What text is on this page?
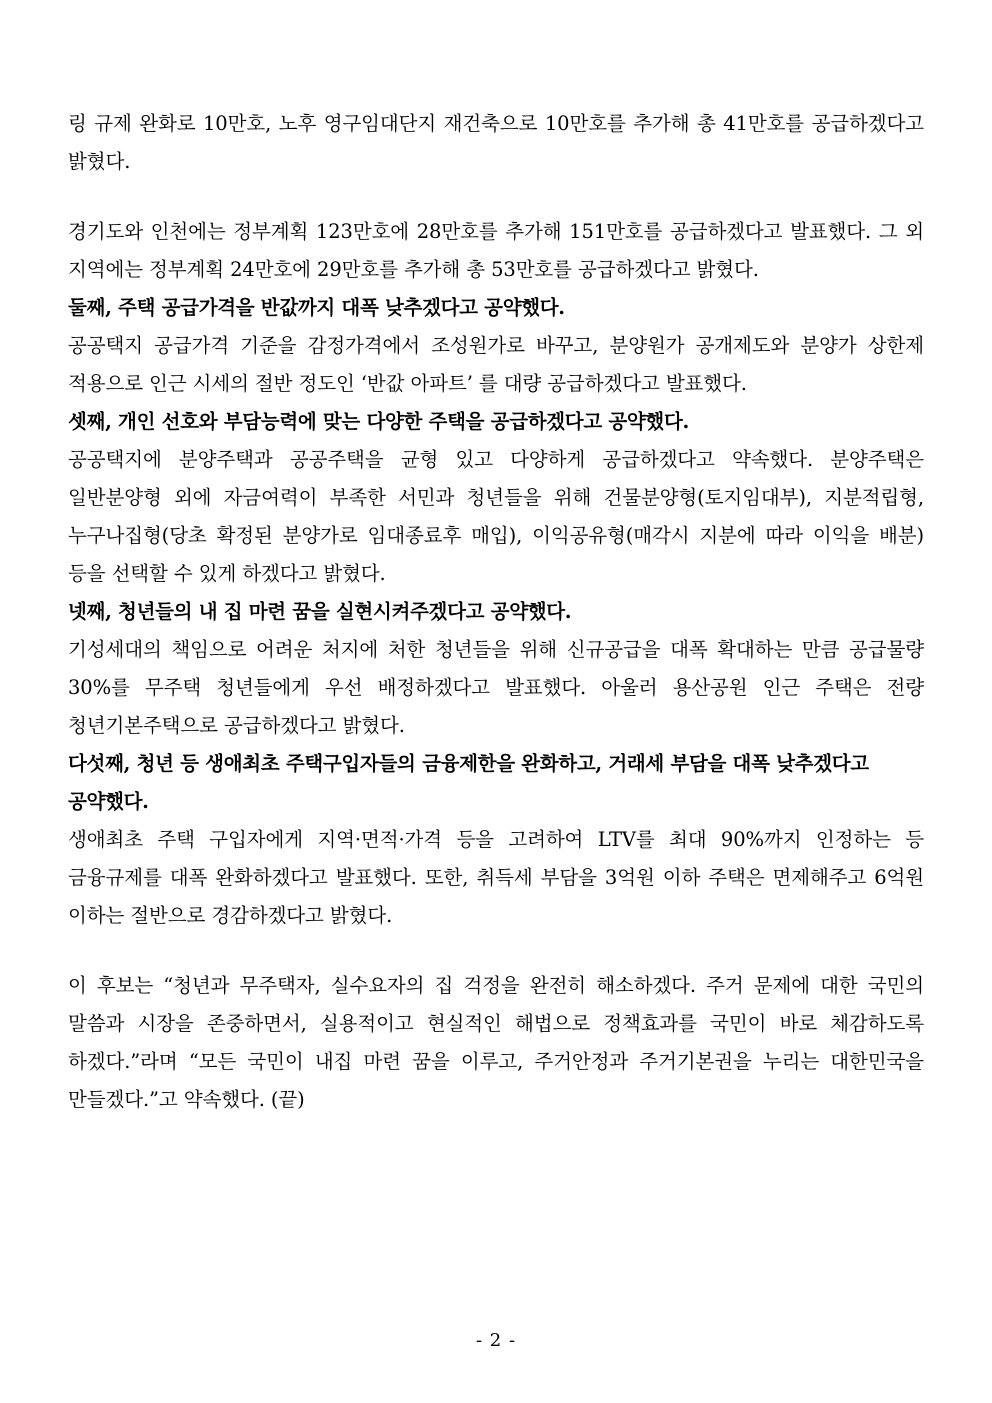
링 규제 완화로 10만호, 노후 영구임대단지 재건축으로 10만호를 추가해 총 41만호를 공급하겠다고 밝혔다.

경기도와 인천에는 정부계획 123만호에 28만호를 추가해 151만호를 공급하겠다고 발표했다. 그 외 지역에는 정부계획 24만호에 29만호를 추가해 총 53만호를 공급하겠다고 밝혔다.

둘째, 주택 공급가격을 반값까지 대폭 낮추겠다고 공약했다.

공공택지 공급가격 기준을 감정가격에서 조성원가로 바꾸고, 분양원가 공개제도와 분양가 상한제 적용으로 인근 시세의 절반 정도인 ‘반값 아파트’ 를 대량 공급하겠다고 발표했다.

셋째, 개인 선호와 부담능력에 맞는 다양한 주택을 공급하겠다고 공약했다.

공공택지에 분양주택과 공공주택을 균형 있고 다양하게 공급하겠다고 약속했다. 분양주택은 일반분양형 외에 자금여력이 부족한 서민과 청년들을 위해 건물분양형(토지임대부), 지분적립형, 누구나집형(당초 확정된 분양가로 임대종료후 매입), 이익공유형(매각시 지분에 따라 이익을 배분) 등을 선택할 수 있게 하겠다고 밝혔다.

넷째, 청년들의 내 집 마련 꿈을 실현시켜주겠다고 공약했다.

기성세대의 책임으로 어려운 처지에 처한 청년들을 위해 신규공급을 대폭 확대하는 만큼 공급물량 30%를 무주택 청년들에게 우선 배정하겠다고 발표했다. 아울러 용산공원 인근 주택은 전량 청년기본주택으로 공급하겠다고 밝혔다.

다섯째, 청년 등 생애최초 주택구입자들의 금융제한을 완화하고, 거래세 부담을 대폭 낮추겠다고 공약했다.

생애최초 주택 구입자에게 지역·면적·가격 등을 고려하여 LTV를 최대 90%까지 인정하는 등 금융규제를 대폭 완화하겠다고 발표했다. 또한, 취득세 부담을 3억원 이하 주택은 면제해주고 6억원 이하는 절반으로 경감하겠다고 밝혔다.

이 후보는 “청년과 무주택자, 실수요자의 집 걱정을 완전히 해소하겠다. 주거 문제에 대한 국민의 말씀과 시장을 존중하면서, 실용적이고 현실적인 해법으로 정책효과를 국민이 바로 체감하도록 하겠다.”라며 “모든 국민이 내집 마련 꿈을 이루고, 주거안정과 주거기본권을 누리는 대한민국을 만들겠다.”고 약속했다. (끝)

- 2 -
